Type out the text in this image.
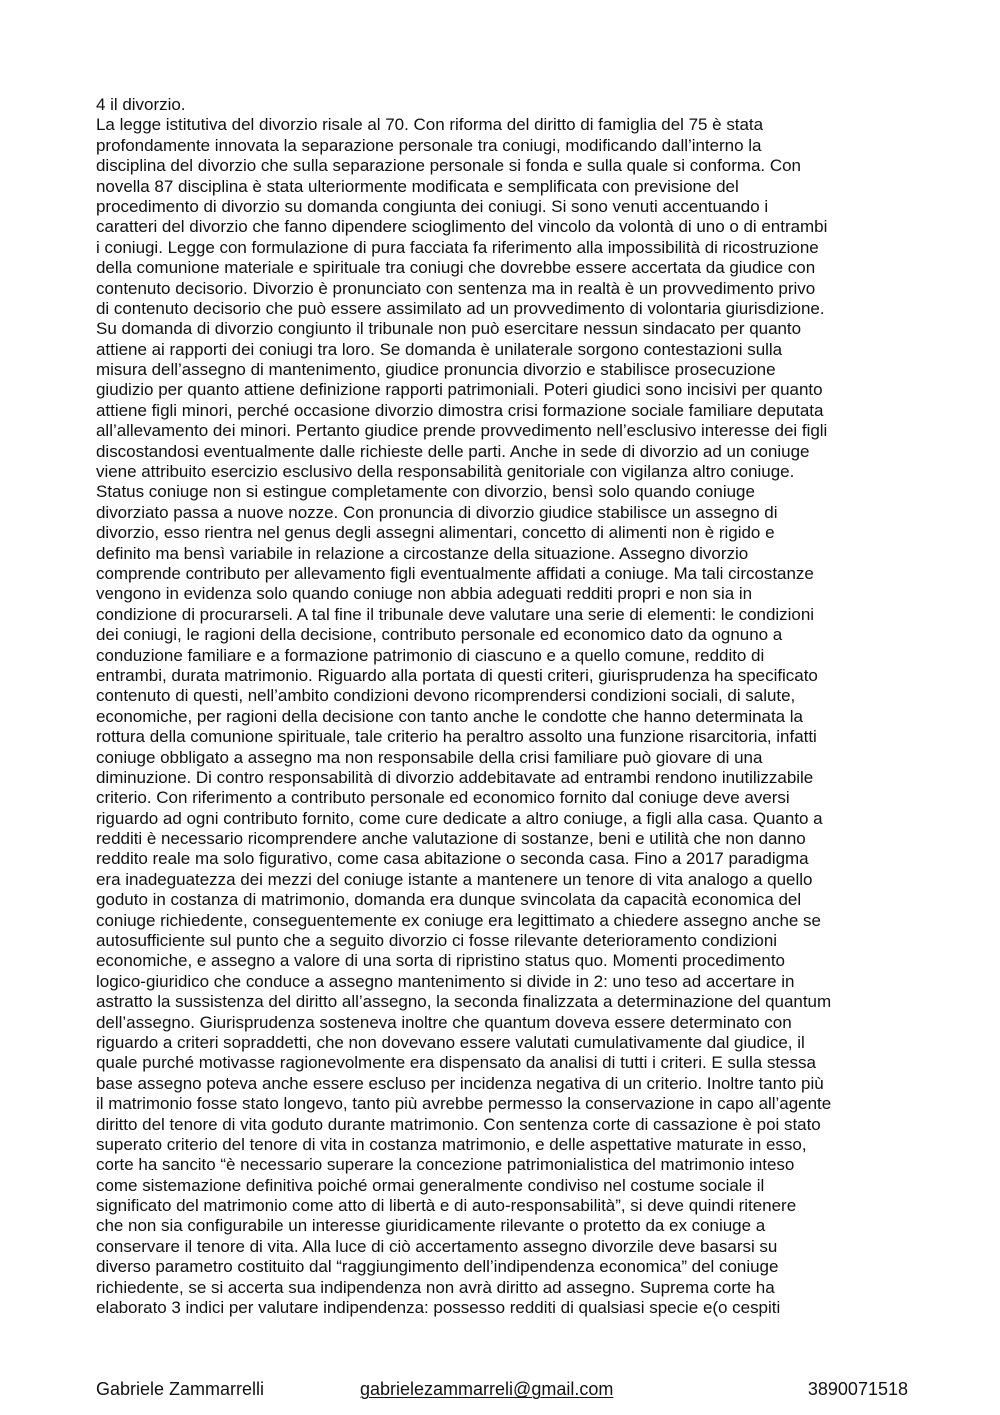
4 il divorzio.
La legge istitutiva del divorzio risale al 70. Con riforma del diritto di famiglia del 75 è stata
profondamente innovata la separazione personale tra coniugi, modificando dall’interno la
disciplina del divorzio che sulla separazione personale si fonda e sulla quale si conforma. Con
novella 87 disciplina è stata ulteriormente modificata e semplificata con previsione del
procedimento di divorzio su domanda congiunta dei coniugi. Si sono venuti accentuando i
caratteri del divorzio che fanno dipendere scioglimento del vincolo da volontà di uno o di entrambi
i coniugi. Legge con formulazione di pura facciata fa riferimento alla impossibilità di ricostruzione
della comunione materiale e spirituale tra coniugi che dovrebbe essere accertata da giudice con
contenuto decisorio. Divorzio è pronunciato con sentenza ma in realtà è un provvedimento privo
di contenuto decisorio che può essere assimilato ad un provvedimento di volontaria giurisdizione.
Su domanda di divorzio congiunto il tribunale non può esercitare nessun sindacato per quanto
attiene ai rapporti dei coniugi tra loro. Se domanda è unilaterale sorgono contestazioni sulla
misura dell’assegno di mantenimento, giudice pronuncia divorzio e stabilisce prosecuzione
giudizio per quanto attiene definizione rapporti patrimoniali. Poteri giudici sono incisivi per quanto
attiene figli minori, perché occasione divorzio dimostra crisi formazione sociale familiare deputata
all’allevamento dei minori. Pertanto giudice prende provvedimento nell’esclusivo interesse dei figli
discostandosi eventualmente dalle richieste delle parti. Anche in sede di divorzio ad un coniuge
viene attribuito esercizio esclusivo della responsabilità genitoriale con vigilanza altro coniuge.
Status coniuge non si estingue completamente con divorzio, bensì solo quando coniuge
divorziato passa a nuove nozze. Con pronuncia di divorzio giudice stabilisce un assegno di
divorzio, esso rientra nel genus degli assegni alimentari, concetto di alimenti non è rigido e
definito ma bensì variabile in relazione a circostanze della situazione. Assegno divorzio
comprende contributo per allevamento figli eventualmente affidati a coniuge. Ma tali circostanze
vengono in evidenza solo quando coniuge non abbia adeguati redditi propri e non sia in
condizione di procurarseli. A tal fine il tribunale deve valutare una serie di elementi: le condizioni
dei coniugi, le ragioni della decisione, contributo personale ed economico dato da ognuno a
conduzione familiare e a formazione patrimonio di ciascuno e a quello comune, reddito di
entrambi, durata matrimonio. Riguardo alla portata di questi criteri, giurisprudenza ha specificato
contenuto di questi, nell’ambito condizioni devono ricomprendersi condizioni sociali, di salute,
economiche, per ragioni della decisione con tanto anche le condotte che hanno determinata la
rottura della comunione spirituale, tale criterio ha peraltro assolto una funzione risarcitoria, infatti
coniuge obbligato a assegno ma non responsabile della crisi familiare può giovare di una
diminuzione. Di contro responsabilità di divorzio addebitavate ad entrambi rendono inutilizzabile
criterio. Con riferimento a contributo personale ed economico fornito dal coniuge deve aversi
riguardo ad ogni contributo fornito, come cure dedicate a altro coniuge, a figli alla casa. Quanto a
redditi è necessario ricomprendere anche valutazione di sostanze, beni e utilità che non danno
reddito reale ma solo figurativo, come casa abitazione o seconda casa. Fino a 2017 paradigma
era inadeguatezza dei mezzi del coniuge istante a mantenere un tenore di vita analogo a quello
goduto in costanza di matrimonio, domanda era dunque svincolata da capacità economica del
coniuge richiedente, conseguentemente ex coniuge era legittimato a chiedere assegno anche se
autosufficiente sul punto che a seguito divorzio ci fosse rilevante deterioramento condizioni
economiche, e assegno a valore di una sorta di ripristino status quo. Momenti procedimento
logico-giuridico che conduce a assegno mantenimento si divide in 2: uno teso ad accertare in
astratto la sussistenza del diritto all’assegno, la seconda finalizzata a determinazione del quantum
dell’assegno. Giurisprudenza sosteneva inoltre che quantum doveva essere determinato con
riguardo a criteri sopraddetti, che non dovevano essere valutati cumulativamente dal giudice, il
quale purché motivasse ragionevolmente era dispensato da analisi di tutti i criteri. E sulla stessa
base assegno poteva anche essere escluso per incidenza negativa di un criterio. Inoltre tanto più
il matrimonio fosse stato longevo, tanto più avrebbe permesso la conservazione in capo all’agente
diritto del tenore di vita goduto durante matrimonio. Con sentenza corte di cassazione è poi stato
superato criterio del tenore di vita in costanza matrimonio, e delle aspettative maturate in esso,
corte ha sancito “è necessario superare la concezione patrimonialistica del matrimonio inteso
come sistemazione definitiva poiché ormai generalmente condiviso nel costume sociale il
significato del matrimonio come atto di libertà e di auto-responsabilità”, si deve quindi ritenere
che non sia configurabile un interesse giuridicamente rilevante o protetto da ex coniuge a
conservare il tenore di vita. Alla luce di ciò accertamento assegno divorzile deve basarsi su
diverso parametro costituito dal “raggiungimento dell’indipendenza economica” del coniuge
richiedente, se si accerta sua indipendenza non avrà diritto ad assegno. Suprema corte ha
elaborato 3 indici per valutare indipendenza: possesso redditi di qualsiasi specie e(o cespiti
Gabriele Zammarrelli	gabrielezammarreli@gmail.com	3890071518
